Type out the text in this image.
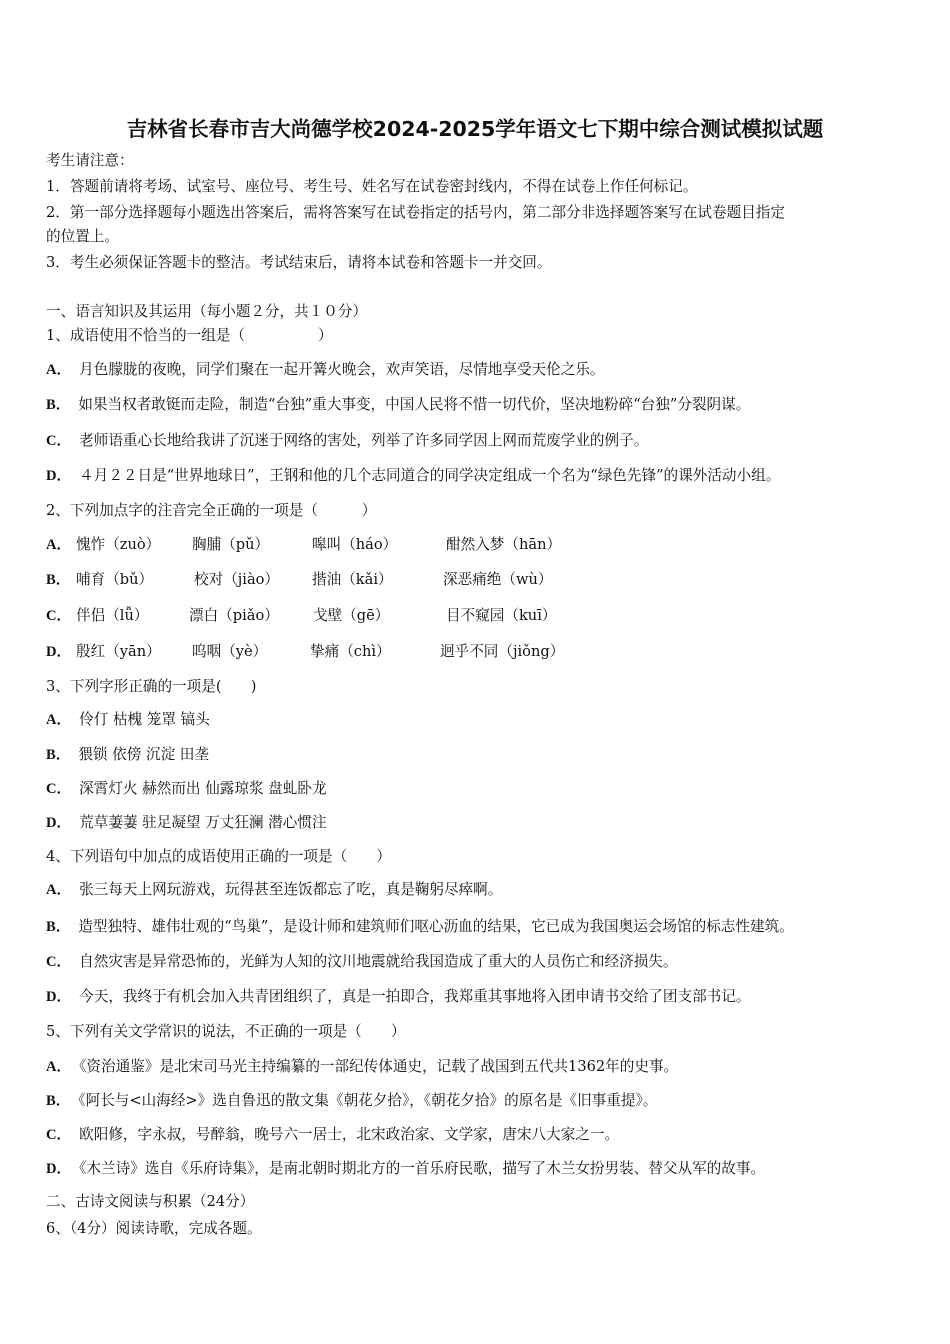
吉林省长春市吉大尚德学校2024-2025学年语文七下期中综合测试模拟试题
考生请注意：
1．答题前请将考场、试室号、座位号、考生号、姓名写在试卷密封线内，不得在试卷上作任何标记。
2．第一部分选择题每小题选出答案后，需将答案写在试卷指定的括号内，第二部分非选择题答案写在试卷题目指定
的位置上。
3．考生必须保证答题卡的整洁。考试结束后，请将本试卷和答题卡一并交回。
一、语言知识及其运用（每小题２分，共１０分）
1、成语使用不恰当的一组是（　　　　　）
A． 月色朦胧的夜晚，同学们聚在一起开篝火晚会，欢声笑语，尽情地享受天伦之乐。
B． 如果当权者敢铤而走险，制造“台独”重大事变，中国人民将不惜一切代价，坚决地粉碎“台独”分裂阴谋。
C． 老师语重心长地给我讲了沉迷于网络的害处，列举了许多同学因上网而荒废学业的例子。
D． ４月２２日是“世界地球日”，王钢和他的几个志同道合的同学决定组成一个名为“绿色先锋”的课外活动小组。
2、下列加点字的注音完全正确的一项是（　　　）
A． 愧怍（zuò） 胸脯（pǔ）	嗥叫（háo）	酣然入梦（hān）
B． 哺育（bǔ）	校对（jiào） 揩油（kǎi）	深恶痛绝（wù）
C． 伴侣（lǚ）	漂白（piǎo） 戈壁（gē）	目不窥园（kuī）
D． 殷红（yān） 呜咽（yè）	挚痛（chì）	迥乎不同（jiǒng）
3、下列字形正确的一项是(　　)
A． 伶仃 枯槐 笼罩 镐头
B． 猥锁 依傍 沉淀 田垄
C． 深霄灯火 赫然而出 仙露琼浆 盘虬卧龙
D． 荒草萋萋 驻足凝望 万丈狂澜 潜心惯注
4、下列语句中加点的成语使用正确的一项是（　　）
A． 张三每天上网玩游戏，玩得甚至连饭都忘了吃，真是鞠躬尽瘁啊。
B． 造型独特、雄伟壮观的“鸟巢”，是设计师和建筑师们呕心沥血的结果，它已成为我国奥运会场馆的标志性建筑。
C． 自然灾害是异常恐怖的，光鲜为人知的汶川地震就给我国造成了重大的人员伤亡和经济损失。
D． 今天，我终于有机会加入共青团组织了，真是一拍即合，我郑重其事地将入团申请书交给了团支部书记。
5、下列有关文学常识的说法，不正确的一项是（　　）
A． 《资治通鉴》是北宋司马光主持编纂的一部纪传体通史，记载了战国到五代共1362年的史事。
B． 《阿长与<山海经>》选自鲁迅的散文集《朝花夕拾》，《朝花夕拾》的原名是《旧事重提》。
C． 欧阳修，字永叔，号醉翁，晚号六一居士，北宋政治家、文学家，唐宋八大家之一。
D． 《木兰诗》选自《乐府诗集》，是南北朝时期北方的一首乐府民歌，描写了木兰女扮男装、替父从军的故事。
二、古诗文阅读与积累（24分）
6、（4分）阅读诗歌，完成各题。
